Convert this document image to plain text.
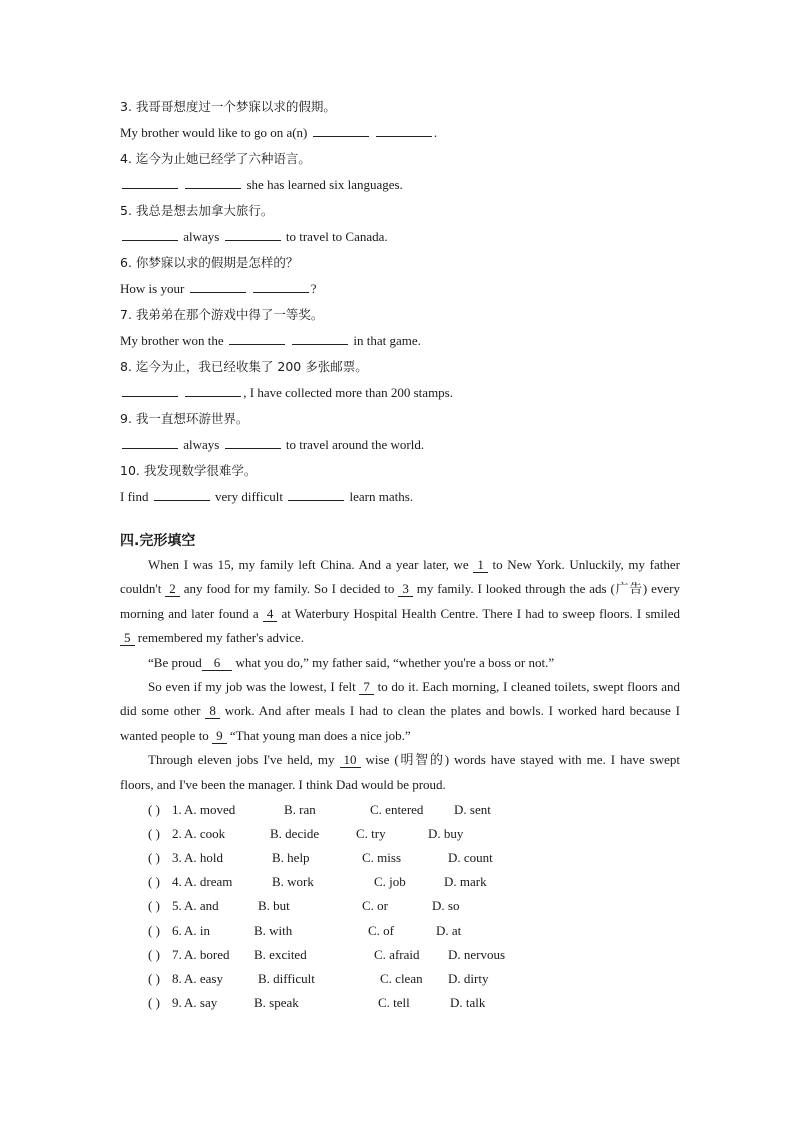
3. 我哥哥想度过一个梦寐以求的假期。
My brother would like to go on a(n)	.
4. 迄今为止她已经学了六种语言。
she has learned six languages.
5. 我总是想去加拿大旅行。
always	to travel to Canada.
6. 你梦寐以求的假期是怎样的？
How is your	?
7. 我弟弟在那个游戏中得了一等奖。
My brother won the	in that game.
8. 迄今为止，我已经收集了 200 多张邮票。
, I have collected more than 200 stamps.
9. 我一直想环游世界。
always	to travel around the world.
10. 我发现数学很难学。
I find	very difficult	learn maths.
四.完形填空

When I was 15, my family left China. And a year later, we 1 to New York. Unluckily, my father couldn't 2 any food for my family. So I decided to 3 my family. I looked through the ads (广告) every morning and later found a 4 at Waterbury Hospital Health Centre. There I had to sweep floors. I smiled 5 remembered my father's advice.

“Be proud 6 what you do,” my father said, “whether you're a boss or not.”

So even if my job was the lowest, I felt 7 to do it. Each morning, I cleaned toilets, swept floors and did some other 8 work. And after meals I had to clean the plates and bowls. I worked hard because I wanted people to 9 “That young man does a nice job.”

Through eleven jobs I've held, my 10 wise (明智的) words have stayed with me. I have swept floors, and I've been the manager. I think Dad would be proud.

( ) 1. A. moved	B. ran	C. entered D. sent
( ) 2. A. cook	B. decide	C. try	D. buy
( ) 3. A. hold	B. help	C. miss	D. count
( ) 4. A. dream	B. work	C. job	D. mark
( ) 5. A. and	B. but	C. or	D. so
( ) 6. A. in	B. with	C. of	D. at
( ) 7. A. bored B. excited	C. afraid D. nervous
( ) 8. A. easy	B. difficult	C. clean D. dirty
( ) 9. A. say	B. speak	C. tell	D. talk
